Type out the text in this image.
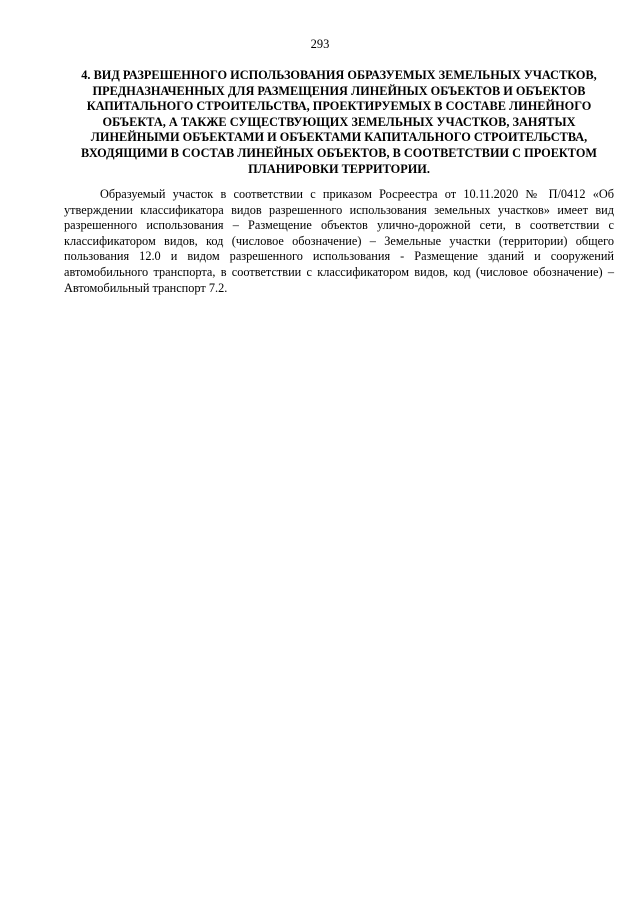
293
4. ВИД РАЗРЕШЕННОГО ИСПОЛЬЗОВАНИЯ ОБРАЗУЕМЫХ ЗЕМЕЛЬНЫХ УЧАСТКОВ, ПРЕДНАЗНАЧЕННЫХ ДЛЯ РАЗМЕЩЕНИЯ ЛИНЕЙНЫХ ОБЪЕКТОВ И ОБЪЕКТОВ КАПИТАЛЬНОГО СТРОИТЕЛЬСТВА, ПРОЕКТИРУЕМЫХ В СОСТАВЕ ЛИНЕЙНОГО ОБЪЕКТА, А ТАКЖЕ СУЩЕСТВУЮЩИХ ЗЕМЕЛЬНЫХ УЧАСТКОВ, ЗАНЯТЫХ ЛИНЕЙНЫМИ ОБЪЕКТАМИ И ОБЪЕКТАМИ КАПИТАЛЬНОГО СТРОИТЕЛЬСТВА, ВХОДЯЩИМИ В СОСТАВ ЛИНЕЙНЫХ ОБЪЕКТОВ, В СООТВЕТСТВИИ С ПРОЕКТОМ ПЛАНИРОВКИ ТЕРРИТОРИИ.

Образуемый участок в соответствии с приказом Росреестра от 10.11.2020 № П/0412 «Об утверждении классификатора видов разрешенного использования земельных участков» имеет вид разрешенного использования – Размещение объектов улично-дорожной сети, в соответствии с классификатором видов, код (числовое обозначение) – Земельные участки (территории) общего пользования 12.0 и видом разрешенного использования - Размещение зданий и сооружений автомобильного транспорта, в соответствии с классификатором видов, код (числовое обозначение) – Автомобильный транспорт 7.2.
